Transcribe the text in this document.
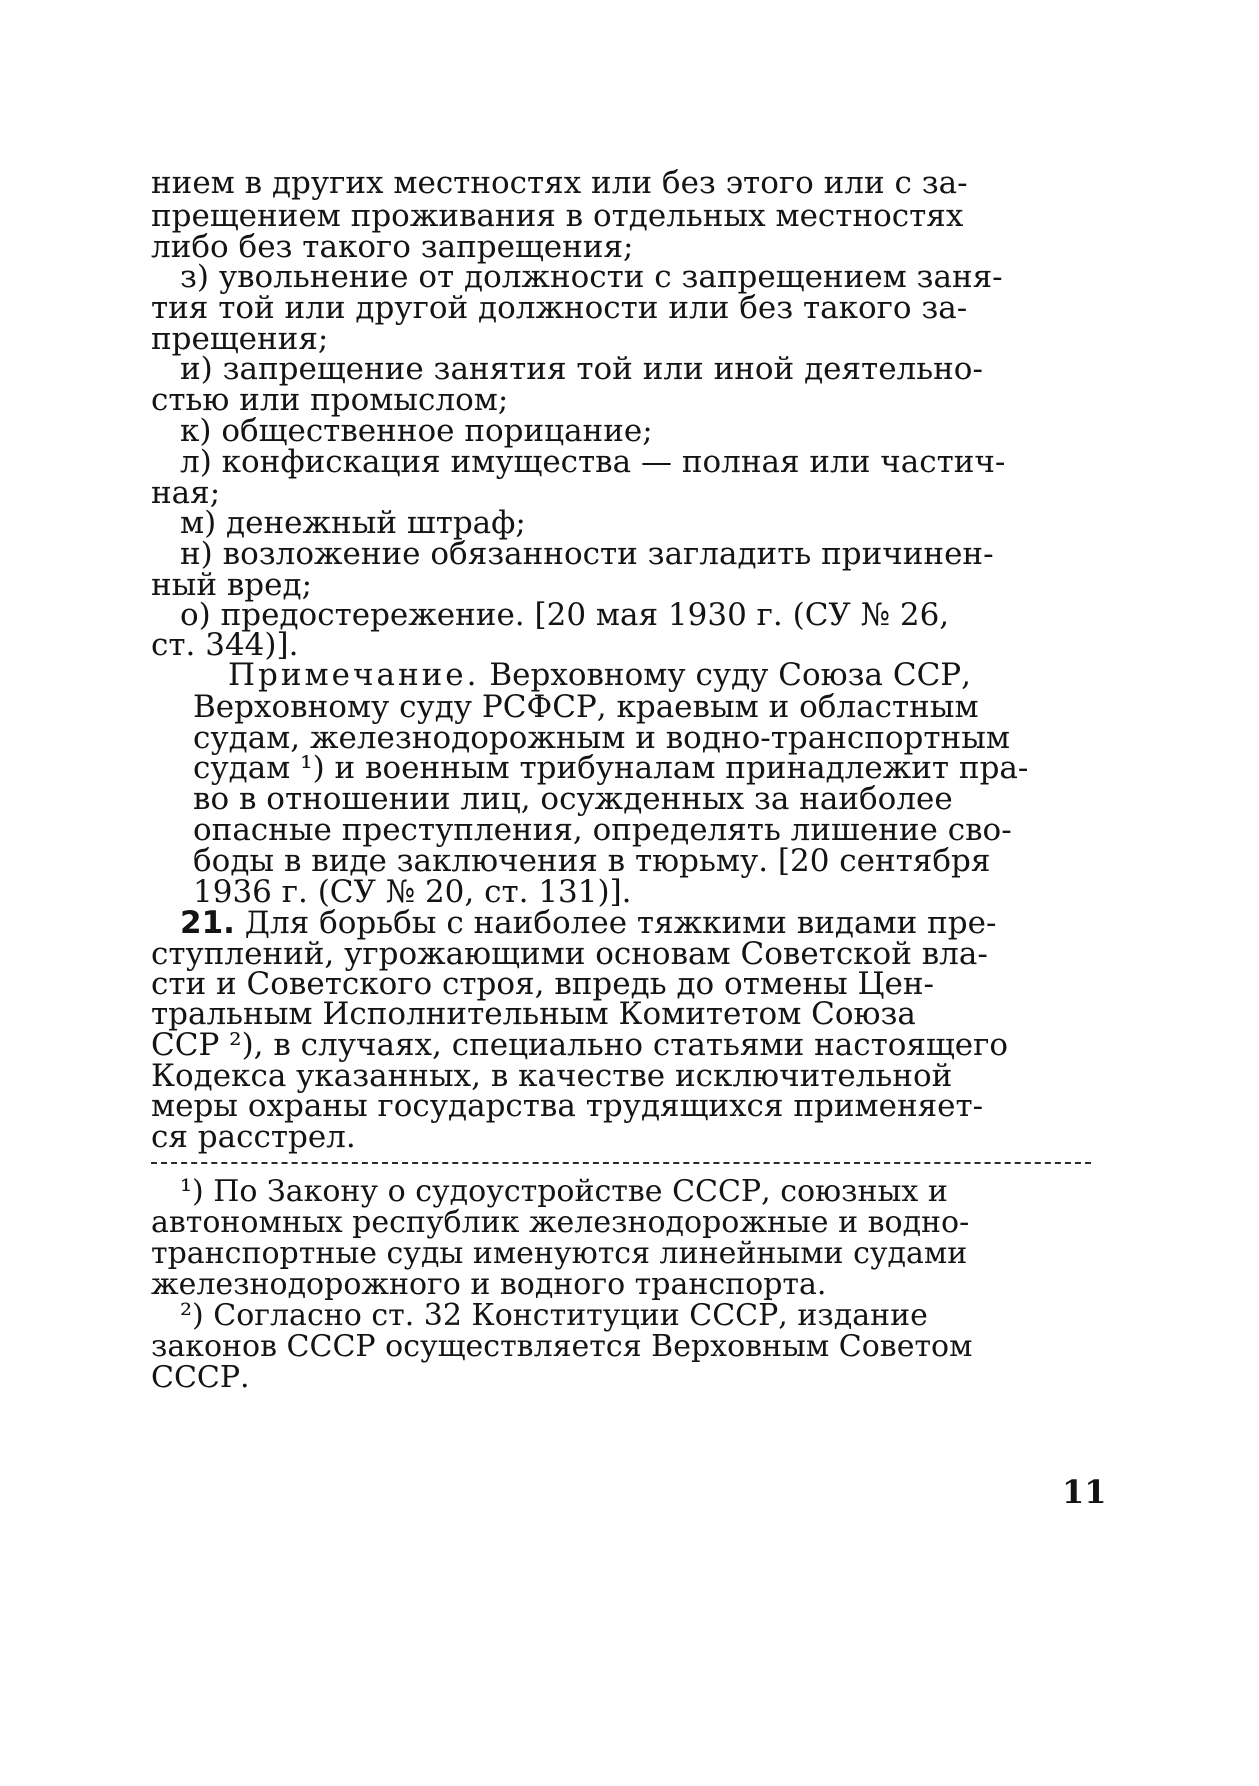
нием в других местностях или без этого или с за-
прещением проживания в отдельных местностях
либо без такого запрещения;
з) увольнение от должности с запрещением заня-
тия той или другой должности или без такого за-
прещения;
и) запрещение занятия той или иной деятельно-
стью или промыслом;
к) общественное порицание;
л) конфискация имущества — полная или частич-
ная;
м) денежный штраф;
н) возложение обязанности загладить причинен-
ный вред;
о) предостережение. [20 мая 1930 г. (СУ № 26,
ст. 344)].
Примечание. Верховному суду Союза ССР,
Верховному суду РСФСР, краевым и областным
судам, железнодорожным и водно-транспортным
судам ¹) и военным трибуналам принадлежит пра-
во в отношении лиц, осужденных за наиболее
опасные преступления, определять лишение сво-
боды в виде заключения в тюрьму. [20 сентября
1936 г. (СУ № 20, ст. 131)].
21. Для борьбы с наиболее тяжкими видами пре-
ступлений, угрожающими основам Советской вла-
сти и Советского строя, впредь до отмены Цен-
тральным Исполнительным Комитетом Союза
ССР ²), в случаях, специально статьями настоящего
Кодекса указанных, в качестве исключительной
меры охраны государства трудящихся применяет-
ся расстрел.
¹) По Закону о судоустройстве СССР, союзных и
автономных республик железнодорожные и водно-
транспортные суды именуются линейными судами
железнодорожного и водного транспорта.
²) Согласно ст. 32 Конституции СССР, издание
законов СССР осуществляется Верховным Советом
СССР.
11
